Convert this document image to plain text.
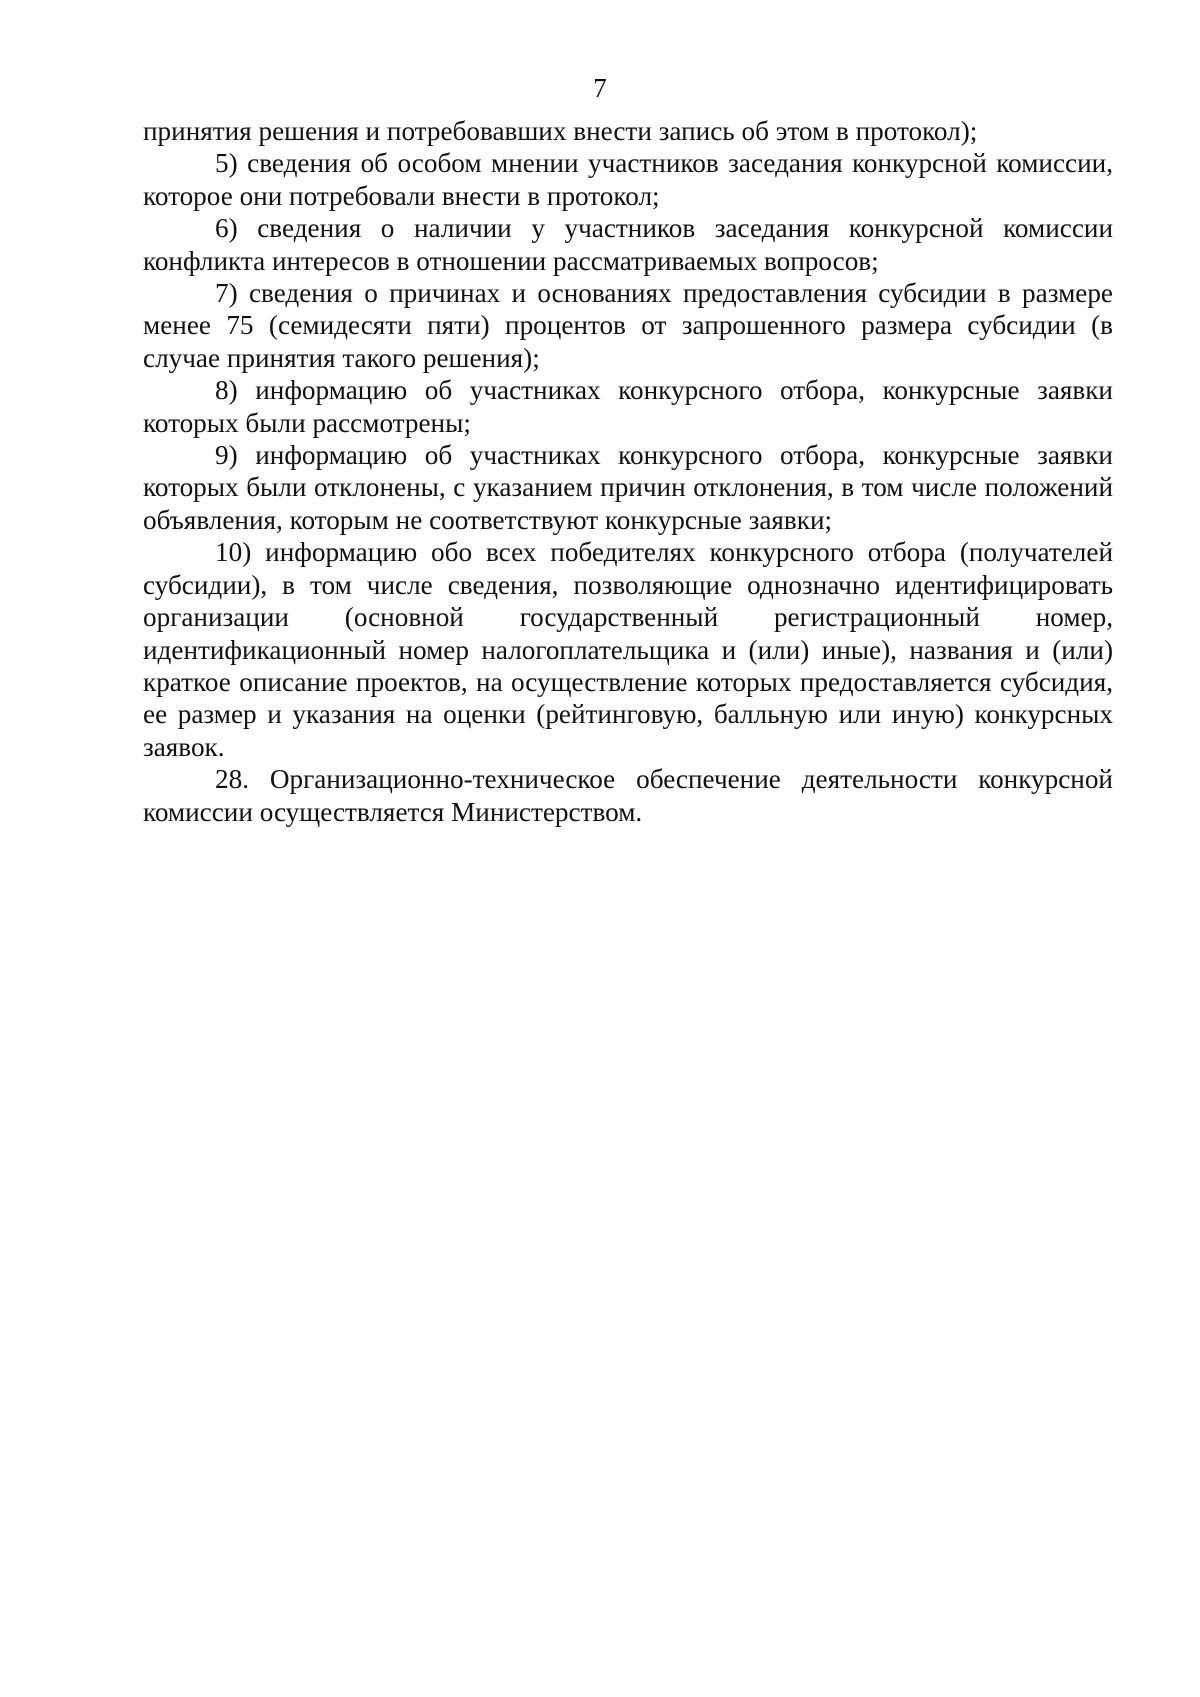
7

принятия решения и потребовавших внести запись об этом в протокол);

5) сведения об особом мнении участников заседания конкурсной комиссии, которое они потребовали внести в протокол;

6) сведения о наличии у участников заседания конкурсной комиссии конфликта интересов в отношении рассматриваемых вопросов;

7) сведения о причинах и основаниях предоставления субсидии в размере менее 75 (семидесяти пяти) процентов от запрошенного размера субсидии (в случае принятия такого решения);

8) информацию об участниках конкурсного отбора, конкурсные заявки которых были рассмотрены;

9) информацию об участниках конкурсного отбора, конкурсные заявки которых были отклонены, с указанием причин отклонения, в том числе положений объявления, которым не соответствуют конкурсные заявки;

10) информацию обо всех победителях конкурсного отбора (получателей субсидии), в том числе сведения, позволяющие однозначно идентифицировать организации (основной государственный регистрационный номер, идентификационный номер налогоплательщика и (или) иные), названия и (или) краткое описание проектов, на осуществление которых предоставляется субсидия, ее размер и указания на оценки (рейтинговую, балльную или иную) конкурсных заявок.

28. Организационно-техническое обеспечение деятельности конкурсной комиссии осуществляется Министерством.
